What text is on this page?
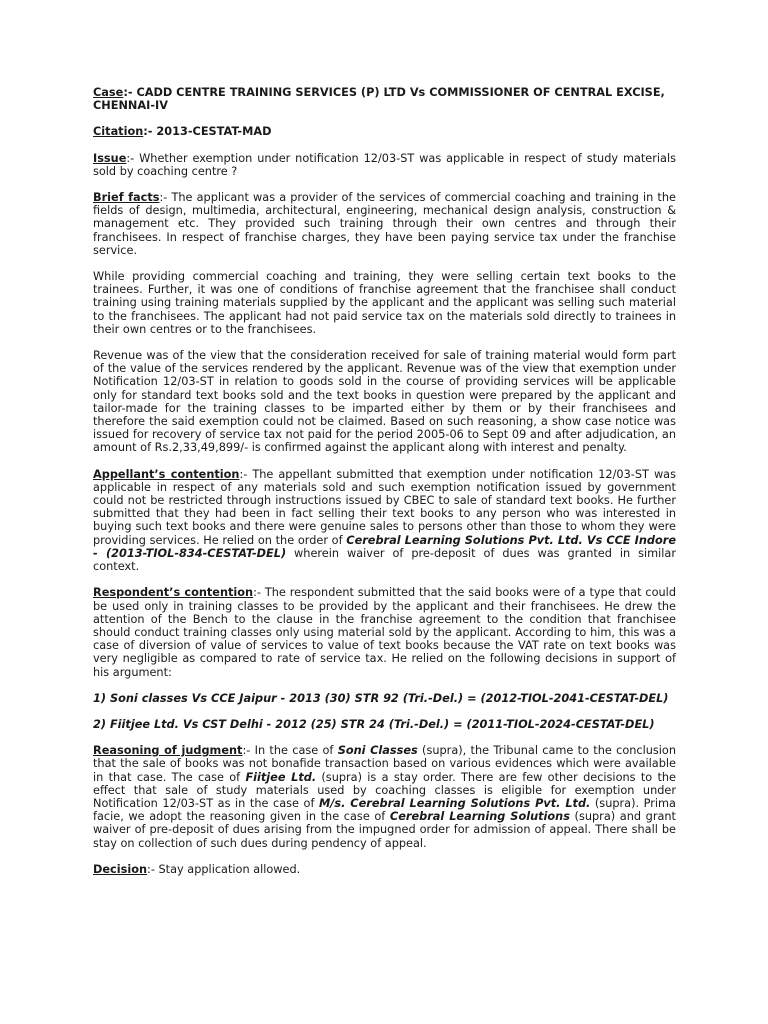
Case:- CADD CENTRE TRAINING SERVICES (P) LTD Vs COMMISSIONER OF CENTRAL EXCISE, CHENNAI-IV

Citation:- 2013-CESTAT-MAD

Issue:- Whether exemption under notification 12/03-ST was applicable in respect of study materials sold by coaching centre ?

Brief facts:- The applicant was a provider of the services of commercial coaching and training in the fields of design, multimedia, architectural, engineering, mechanical design analysis, construction & management etc. They provided such training through their own centres and through their franchisees. In respect of franchise charges, they have been paying service tax under the franchise service.

While providing commercial coaching and training, they were selling certain text books to the trainees. Further, it was one of conditions of franchise agreement that the franchisee shall conduct training using training materials supplied by the applicant and the applicant was selling such material to the franchisees. The applicant had not paid service tax on the materials sold directly to trainees in their own centres or to the franchisees.

Revenue was of the view that the consideration received for sale of training material would form part of the value of the services rendered by the applicant. Revenue was of the view that exemption under Notification 12/03-ST in relation to goods sold in the course of providing services will be applicable only for standard text books sold and the text books in question were prepared by the applicant and tailor-made for the training classes to be imparted either by them or by their franchisees and therefore the said exemption could not be claimed. Based on such reasoning, a show case notice was issued for recovery of service tax not paid for the period 2005-06 to Sept 09 and after adjudication, an amount of Rs.2,33,49,899/- is confirmed against the applicant along with interest and penalty.

Appellant’s contention:- The appellant submitted that exemption under notification 12/03-ST was applicable in respect of any materials sold and such exemption notification issued by government could not be restricted through instructions issued by CBEC to sale of standard text books. He further submitted that they had been in fact selling their text books to any person who was interested in buying such text books and there were genuine sales to persons other than those to whom they were providing services. He relied on the order of Cerebral Learning Solutions Pvt. Ltd. Vs CCE Indore - (2013-TIOL-834-CESTAT-DEL) wherein waiver of pre-deposit of dues was granted in similar context.

Respondent’s contention:- The respondent submitted that the said books were of a type that could be used only in training classes to be provided by the applicant and their franchisees. He drew the attention of the Bench to the clause in the franchise agreement to the condition that franchisee should conduct training classes only using material sold by the applicant. According to him, this was a case of diversion of value of services to value of text books because the VAT rate on text books was very negligible as compared to rate of service tax. He relied on the following decisions in support of his argument:

1) Soni classes Vs CCE Jaipur - 2013 (30) STR 92 (Tri.-Del.) = (2012-TIOL-2041-CESTAT-DEL)

2) Fiitjee Ltd. Vs CST Delhi - 2012 (25) STR 24 (Tri.-Del.) = (2011-TIOL-2024-CESTAT-DEL)

Reasoning of judgment:- In the case of Soni Classes (supra), the Tribunal came to the conclusion that the sale of books was not bonafide transaction based on various evidences which were available in that case. The case of Fiitjee Ltd. (supra) is a stay order. There are few other decisions to the effect that sale of study materials used by coaching classes is eligible for exemption under Notification 12/03-ST as in the case of M/s. Cerebral Learning Solutions Pvt. Ltd. (supra). Prima facie, we adopt the reasoning given in the case of Cerebral Learning Solutions (supra) and grant waiver of pre-deposit of dues arising from the impugned order for admission of appeal. There shall be stay on collection of such dues during pendency of appeal.

Decision:- Stay application allowed.
